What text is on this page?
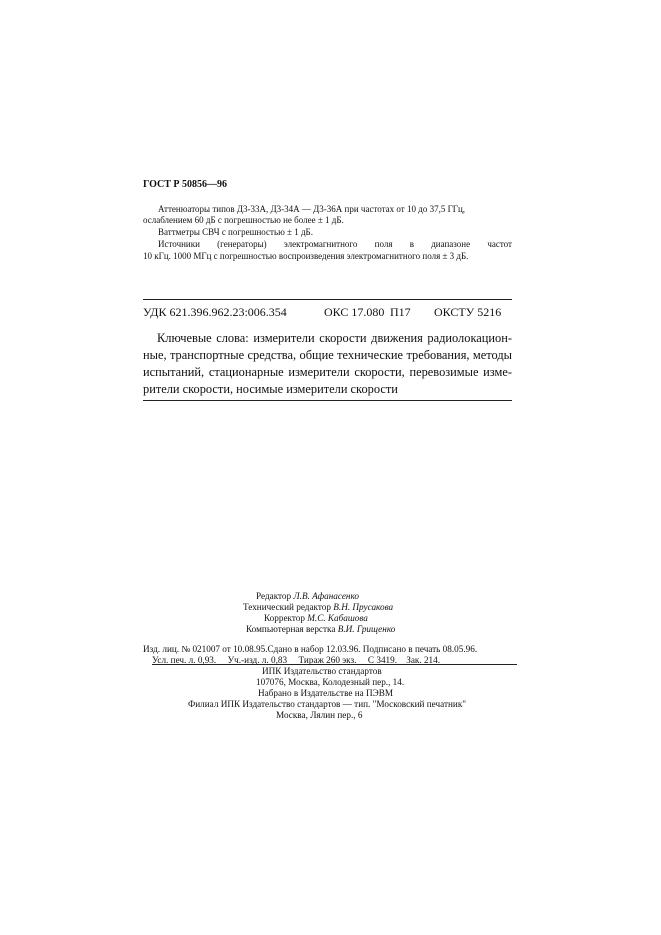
ГОСТ Р 50856—96
Аттенюаторы типов Д3-33А, Д3-34А — Д3-36А при частотах от 10 до 37,5 ГГц,
ослаблением 60 дБ с погрешностью не более ± 1 дБ.
Ваттметры СВЧ с погрешностью ± 1 дБ.
Источники (генераторы) электромагнитного поля в диапазоне частот
10 кГц. 1000 МГц с погрешностью воспроизведения электромагнитного поля ± 3 дБ.
УДК 621.396.962.23:006.354	ОКС 17.080 П17 ОКСТУ 5216
Ключевые слова: измерители скорости движения радиолокацион-
ные, транспортные средства, общие технические требования, методы
испытаний, стационарные измерители скорости, перевозимые изме-
рители скорости, носимые измерители скорости
Редактор Л.В. Афанасенко
Технический редактор В.Н. Прусакова
Корректор М.С. Кабашова
Компьютерная верстка В.И. Грищенко
Изд. лиц. № 021007 от 10.08.95.Сдано в набор 12.03.96. Подписано в печать 08.05.96.
Усл. печ. л. 0,93.     Уч.-изд. л. 0,83     Тираж 260 экз.     С 3419.    Зак. 214.
ИПК Издательство стандартов
107076, Москва, Колодезный пер., 14.
Набрано в Издательстве на ПЭВМ
Филиал ИПК Издательство стандартов — тип. "Московский печатник"
Москва, Лялин пер., 6
